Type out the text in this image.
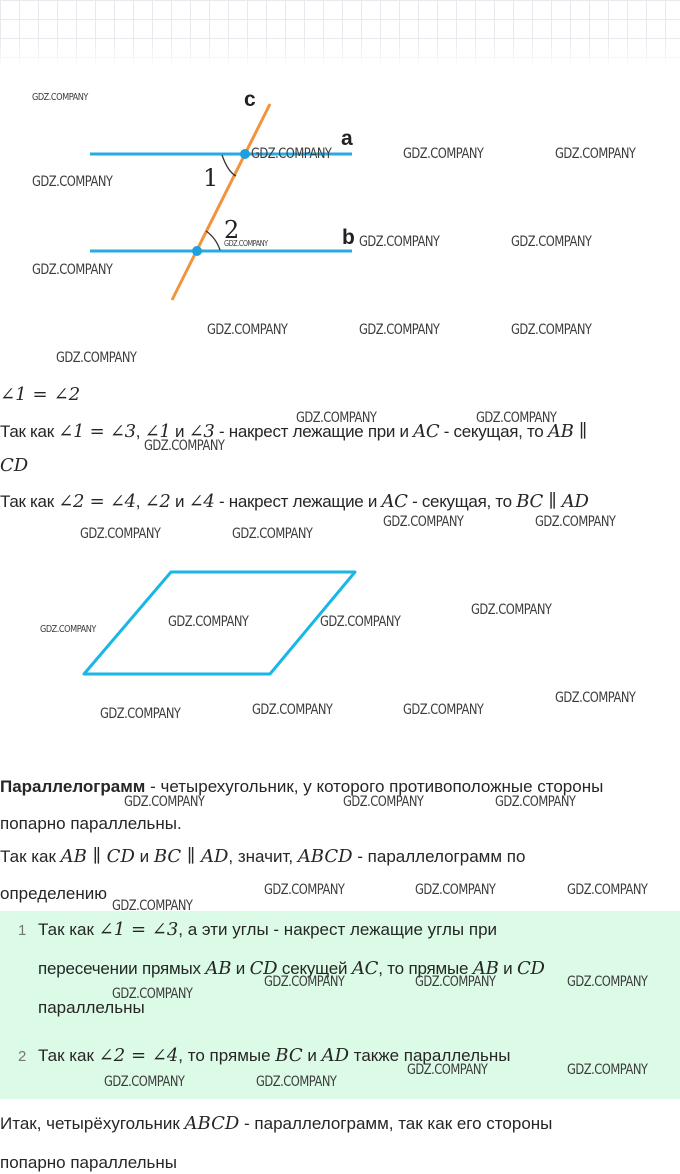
c
a
b
1
2
∠1 = ∠2
Так как ∠1 = ∠3, ∠1 и ∠3 - накрест лежащие при и AC - секущая, то AB ∥
CD
Так как ∠2 = ∠4, ∠2 и ∠4 - накрест лежащие и AC - секущая, то BC ∥ AD
Параллелограмм - четырехугольник, у которого противоположные стороны
попарно параллельны.
Так как AB ∥ CD и BC ∥ AD, значит, ABCD - параллелограмм по
определению
1 Так как ∠1 = ∠3, а эти углы - накрест лежащие углы при
пересечении прямых AB и CD секущей AC, то прямые AB и CD
параллельны
2 Так как ∠2 = ∠4, то прямые BC и AD также параллельны
Итак, четырёхугольник ABCD - параллелограмм, так как его стороны
попарно параллельны
GDZ.COMPANY
GDZ.COMPANY	GDZ.COMPANY	GDZ.COMPANY
GDZ.COMPANY
GDZ.COMPANY	GDZ.COMPANY	GDZ.COMPANY
GDZ.COMPANY
GDZ.COMPANY	GDZ.COMPANY	GDZ.COMPANY
GDZ.COMPANY
GDZ.COMPANY	GDZ.COMPANY
GDZ.COMPANY
GDZ.COMPANY	GDZ.COMPANY
GDZ.COMPANY	GDZ.COMPANY
GDZ.COMPANY
GDZ.COMPANY	GDZ.COMPANY
GDZ.COMPANY
GDZ.COMPANY
GDZ.COMPANY	GDZ.COMPANY
GDZ.COMPANY
GDZ.COMPANY	GDZ.COMPANY	GDZ.COMPANY
GDZ.COMPANY	GDZ.COMPANY	GDZ.COMPANY
GDZ.COMPANY
GDZ.COMPANY	GDZ.COMPANY	GDZ.COMPANY
GDZ.COMPANY
GDZ.COMPANY	GDZ.COMPANY
GDZ.COMPANY	GDZ.COMPANY
